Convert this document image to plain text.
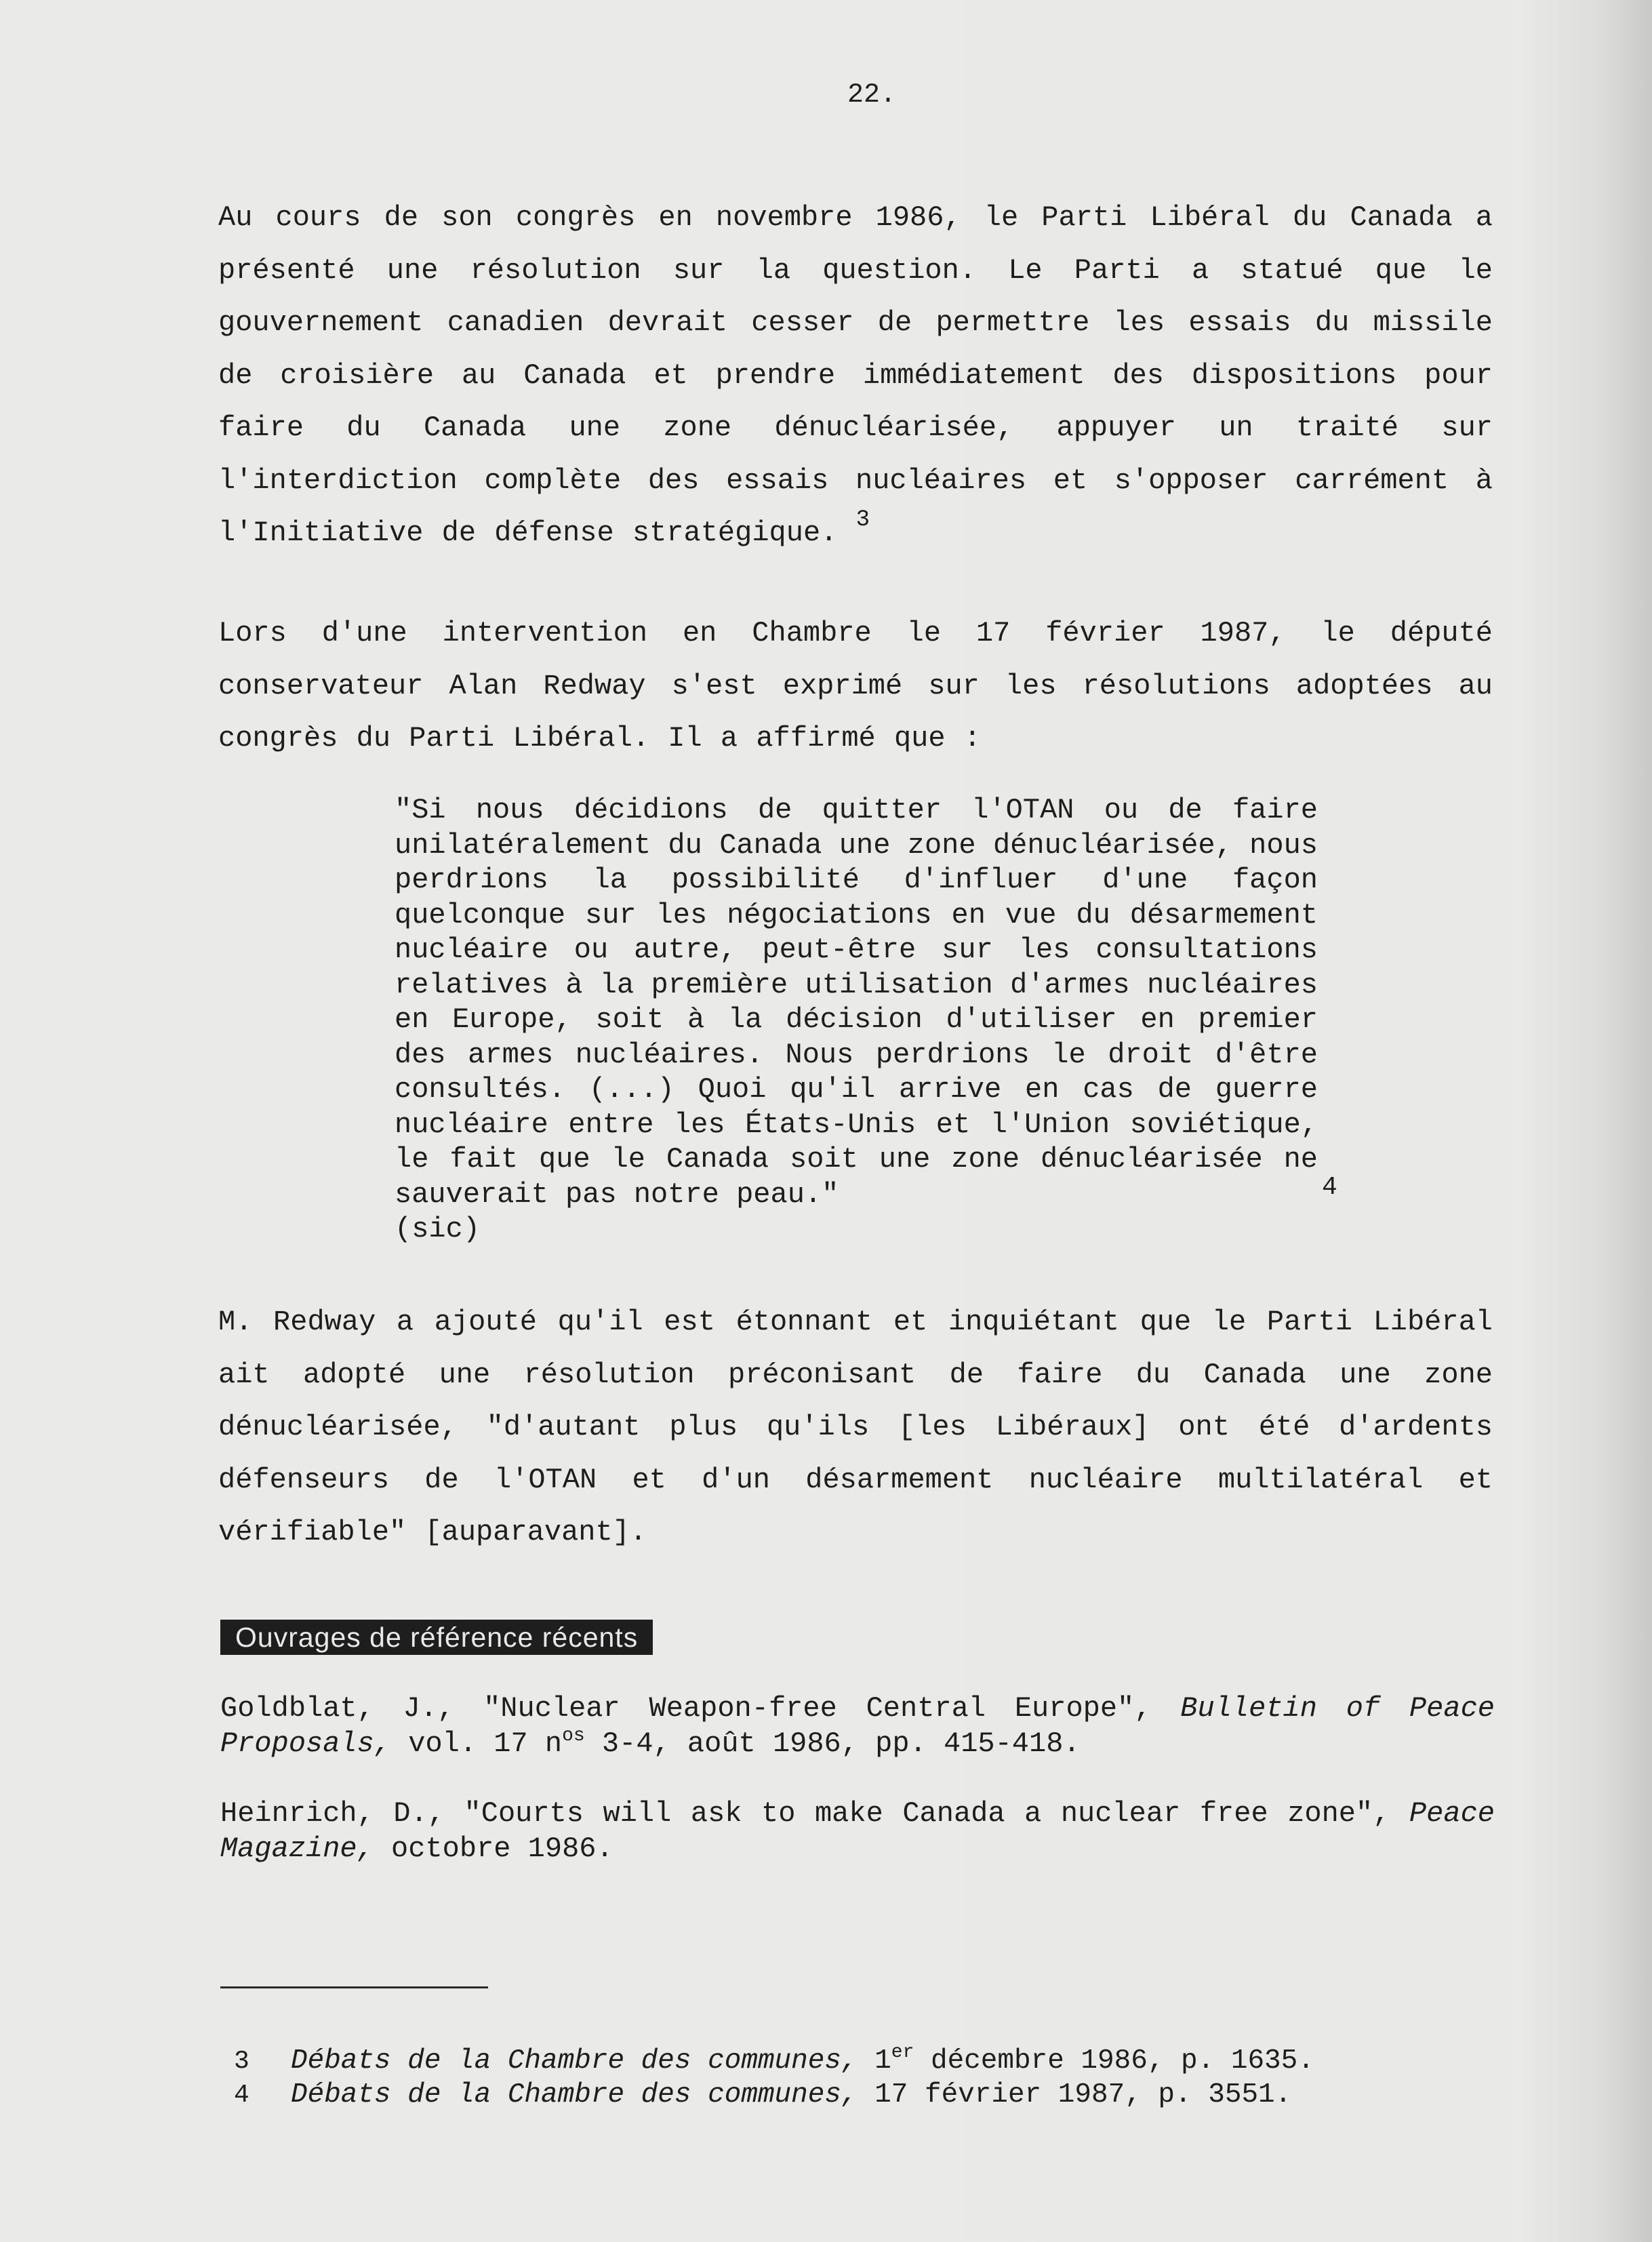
22.
Au cours de son congrès en novembre 1986, le Parti Libéral du Canada a présenté une résolution sur la question. Le Parti a statué que le gouvernement canadien devrait cesser de permettre les essais du missile de croisière au Canada et prendre immédiatement des dispositions pour faire du Canada une zone dénucléarisée, appuyer un traité sur l'interdiction complète des essais nucléaires et s'opposer carrément à l'Initiative de défense stratégique. $^3$
Lors d'une intervention en Chambre le 17 février 1987, le député conservateur Alan Redway s'est exprimé sur les résolutions adoptées au congrès du Parti Libéral. Il a affirmé que :
"Si nous décidions de quitter l'OTAN ou de faire unilatéralement du Canada une zone dénucléarisée, nous perdrions la possibilité d'influer d'une façon quelconque sur les négociations en vue du désarmement nucléaire ou autre, peut-être sur les consultations relatives à la première utilisation d'armes nucléaires en Europe, soit à la décision d'utiliser en premier des armes nucléaires. Nous perdrions le droit d'être consultés. (...) Quoi qu'il arrive en cas de guerre nucléaire entre les États-Unis et l'Union soviétique, le fait que le Canada soit une zone dénucléarisée ne sauverait pas notre peau."
(sic)
4
M. Redway a ajouté qu'il est étonnant et inquiétant que le Parti Libéral ait adopté une résolution préconisant de faire du Canada une zone dénucléarisée, "d'autant plus qu'ils [les Libéraux] ont été d'ardents défenseurs de l'OTAN et d'un désarmement nucléaire multilatéral et vérifiable" [auparavant].
Ouvrages de référence récents
Goldblat, J., "Nuclear Weapon-free Central Europe", Bulletin of Peace Proposals, vol. 17 $n^{os}$ 3-4, août 1986, pp. 415-418.
Heinrich, D., "Courts will ask to make Canada a nuclear free zone", Peace Magazine, octobre 1986.
3 Débats de la Chambre des communes, 1er décembre 1986, p. 1635.
4 Débats de la Chambre des communes, 17 février 1987, p. 3551.
